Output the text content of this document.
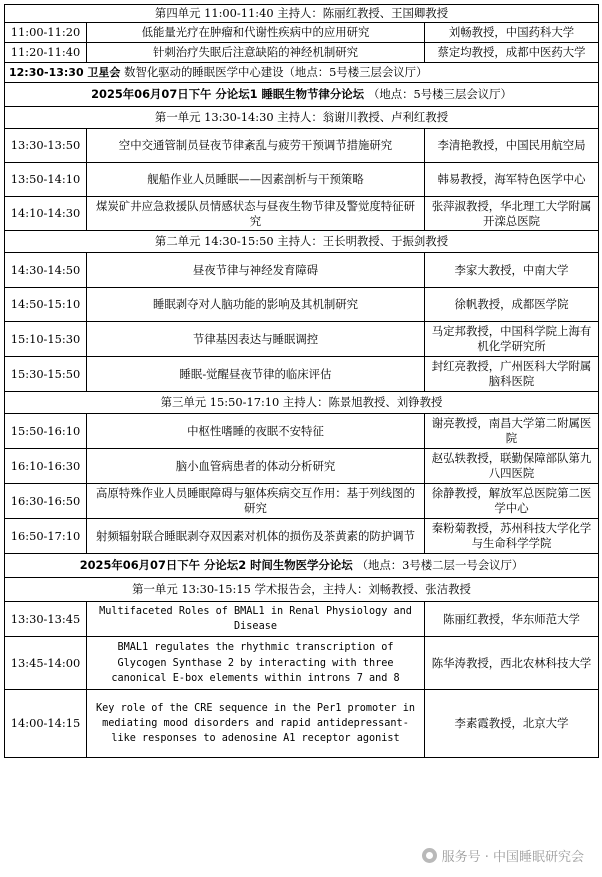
第四单元 11:00-11:40 主持人：陈丽红教授、王国卿教授		
11:00-11:20	低能量光疗在肿瘤和代谢性疾病中的应用研究	刘畅教授，中国药科大学
11:20-11:40	针刺治疗失眠后注意缺陷的神经机制研究	蔡定均教授，成都中医药大学
12:30-13:30 卫星会 数智化驱动的睡眠医学中心建设（地点：5号楼三层会议厅）		
2025年06月07日下午 分论坛1 睡眠生物节律分论坛 （地点：5号楼三层会议厅）		
第一单元 13:30-14:30 主持人：翁谢川教授、卢利红教授		
13:30-13:50	空中交通管制员昼夜节律紊乱与疲劳干预调节措施研究	李清艳教授，中国民用航空局
13:50-14:10	舰船作业人员睡眠——因素剖析与干预策略	韩易教授，海军特色医学中心
14:10-14:30	煤炭矿井应急救援队员情感状态与昼夜生物节律及警觉度特征研究	张萍淑教授，华北理工大学附属开滦总医院
第二单元 14:30-15:50 主持人：王长明教授、于振剑教授		
14:30-14:50	昼夜节律与神经发育障碍	李家大教授，中南大学
14:50-15:10	睡眠剥夺对人脑功能的影响及其机制研究	徐帆教授，成都医学院
15:10-15:30	节律基因表达与睡眠调控	马定邦教授，中国科学院上海有机化学研究所
15:30-15:50	睡眠-觉醒昼夜节律的临床评估	封红亮教授，广州医科大学附属脑科医院
第三单元 15:50-17:10 主持人：陈景旭教授、刘铮教授		
15:50-16:10	中枢性嗜睡的夜眠不安特征	谢亮教授，南昌大学第二附属医院
16:10-16:30	脑小血管病患者的体动分析研究	赵弘轶教授，联勤保障部队第九八四医院
16:30-16:50	高原特殊作业人员睡眠障碍与躯体疾病交互作用：基于列线图的研究	徐静教授，解放军总医院第二医学中心
16:50-17:10	射频辐射联合睡眠剥夺双因素对机体的损伤及茶黄素的防护调节	秦粉菊教授，苏州科技大学化学与生命科学学院
2025年06月07日下午 分论坛2 时间生物医学分论坛 （地点：3号楼二层一号会议厅）		
第一单元 13:30-15:15 学术报告会，主持人：刘畅教授、张洁教授		
13:30-13:45	Multifaceted Roles of BMAL1 in Renal Physiology and Disease	陈丽红教授，华东师范大学
13:45-14:00	BMAL1 regulates the rhythmic transcription of Glycogen Synthase 2 by interacting with three canonical E-box elements within introns 7 and 8	陈华涛教授，西北农林科技大学
14:00-14:15	Key role of the CRE sequence in the Per1 promoter in mediating mood disorders and rapid antidepressant-like responses to adenosine A1 receptor agonist	李素霞教授，北京大学
服务号 · 中国睡眠研究会
